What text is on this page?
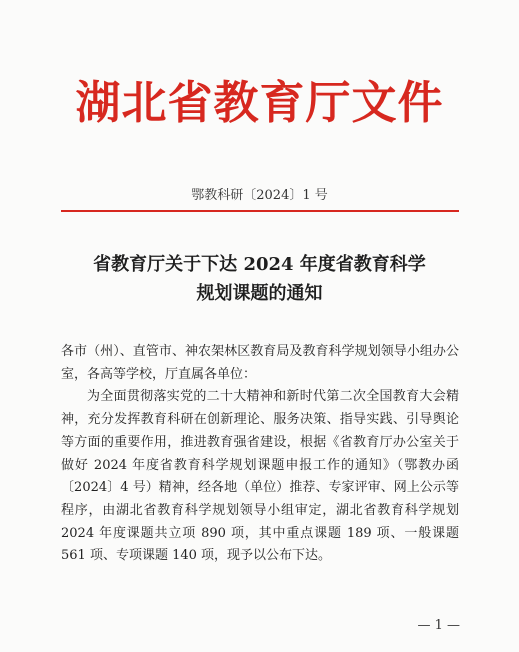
湖北省教育厅文件
鄂教科研〔2024〕1 号
省教育厅关于下达 2024 年度省教育科学
规划课题的通知

各市（州）、直管市、神农架林区教育局及教育科学规划领导小组办公室，各高等学校，厅直属各单位：

为全面贯彻落实党的二十大精神和新时代第二次全国教育大会精神，充分发挥教育科研在创新理论、服务决策、指导实践、引导舆论等方面的重要作用，推进教育强省建设，根据《省教育厅办公室关于做好 2024 年度省教育科学规划课题申报工作的通知》（鄂教办函〔2024〕4 号）精神，经各地（单位）推荐、专家评审、网上公示等程序，由湖北省教育科学规划领导小组审定，湖北省教育科学规划 2024 年度课题共立项 890 项，其中重点课题 189 项、一般课题 561 项、专项课题 140 项，现予以公布下达。

— 1 —
